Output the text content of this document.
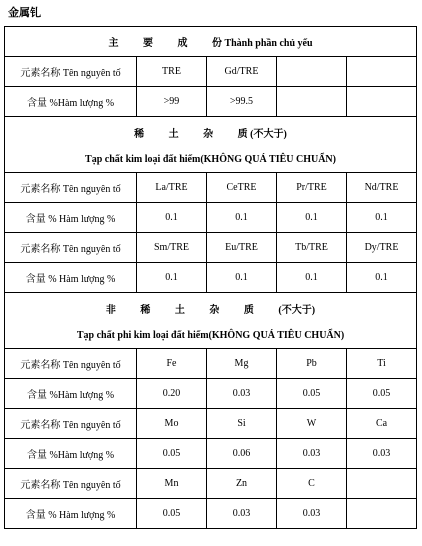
金属钆
主 要 成 份 Thành phần chủ yếu				
元素名称 Tên nguyên tố	TRE	Gd/TRE		
含量 %Hàm lượng %	>99	>99.5		

稀 土 杂 质 (不大于)
Tạp chất kim loại đất hiếm(KHÔNG QUÁ TIÊU CHUẨN)				

元素名称 Tên nguyên tố	La/TRE	CeTRE	Pr/TRE	Nd/TRE
含量 % Hàm lượng %	0.1	0.1	0.1	0.1
元素名称 Tên nguyên tố	Sm/TRE	Eu/TRE	Tb/TRE	Dy/TRE
含量 % Hàm lượng %	0.1	0.1	0.1	0.1

非 稀 土 杂 质 (不大于)
Tạp chất phi kim loại đất hiếm(KHÔNG QUÁ TIÊU CHUẨN)				

元素名称 Tên nguyên tố	Fe	Mg	Pb	Ti
含量 %Hàm lượng %	0.20	0.03	0.05	0.05
元素名称 Tên nguyên tố	Mo	Si	W	Ca
含量 %Hàm lượng %	0.05	0.06	0.03	0.03
元素名称 Tên nguyên tố	Mn	Zn	C	
含量 % Hàm lượng %	0.05	0.03	0.03	
